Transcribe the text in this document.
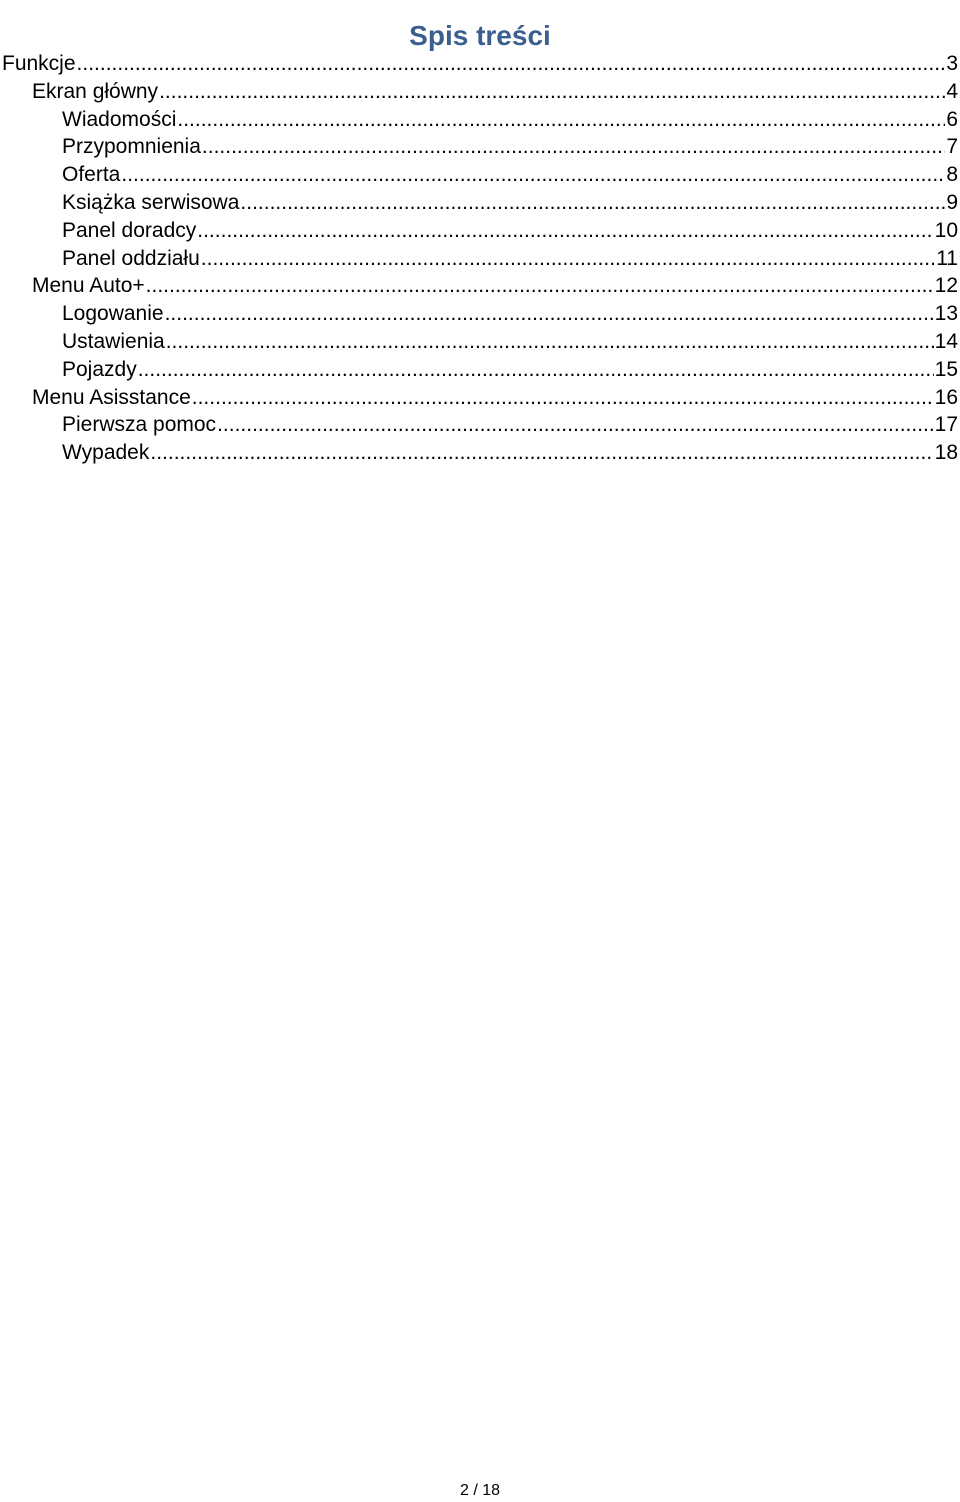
Spis treści
Funkcje .....	3
Ekran główny .....	4
Wiadomości .....	6
Przypomnienia .....	7
Oferta .....	8
Książka serwisowa .....	9
Panel doradcy .....	10
Panel oddziału .....	11
Menu Auto+ .....	12
Logowanie .....	13
Ustawienia .....	14
Pojazdy .....	15
Menu Asisstance .....	16
Pierwsza pomoc .....	17
Wypadek .....	18
2 / 18
